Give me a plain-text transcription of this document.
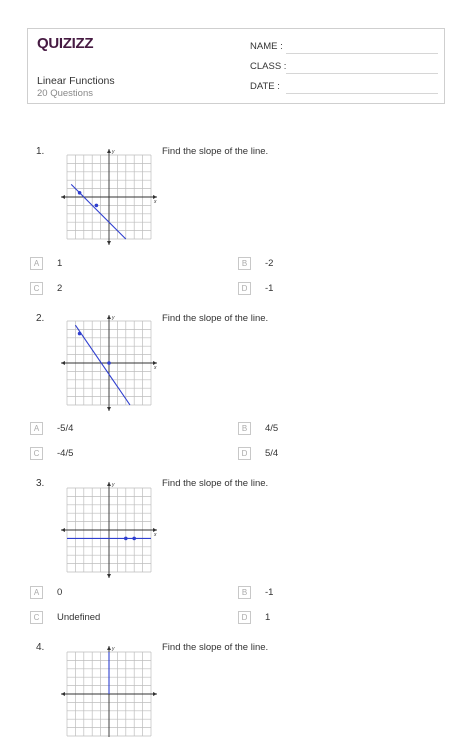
QUIZIZZ
Linear Functions
20 Questions
NAME :
CLASS :
DATE :
1.	y
x
Find the slope of the line.
A	1	B	-2
C	2	D	-1
2.	y
x
Find the slope of the line.
A	-5/4	B	4/5
C	-4/5	D	5/4
3.	y
x
Find the slope of the line.
A	0	B	-1
C	Undefined	D	1
4.	y	Find the slope of the line.
